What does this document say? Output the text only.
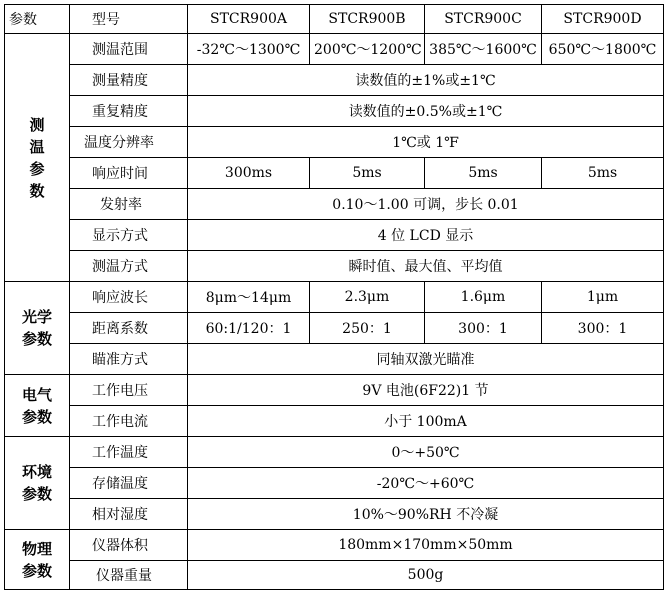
参数	型号	STCR900A	STCR900B	STCR900C	STCR900D

测
温
参
数	测温范围	-32℃～1300℃	200℃～1200℃	385℃～1600℃	650℃～1800℃
	测量精度	读数值的±1%或±1℃			
	重复精度	读数值的±0.5%或±1℃			
	温度分辨率	1℃或 1℉			
	响应时间	300ms	5ms	5ms	5ms
	发射率	0.10～1.00 可调，步长 0.01			
	显示方式	4 位 LCD 显示			
	测温方式	瞬时值、最大值、平均值			

光学
参数	响应波长	8μm～14μm	2.3μm	1.6μm	1μm
	距离系数	60:1/120：1	250：1	300：1	300：1
	瞄准方式	同轴双激光瞄准			

电气
参数	工作电压	9V 电池(6F22)1 节			
	工作电流	小于 100mA			

环境
参数	工作温度	0～+50℃			
	存储温度	-20℃～+60℃			
	相对湿度	10%～90%RH 不冷凝			

物理
参数	仪器体积	180mm×170mm×50mm			
	仪器重量	500g			
